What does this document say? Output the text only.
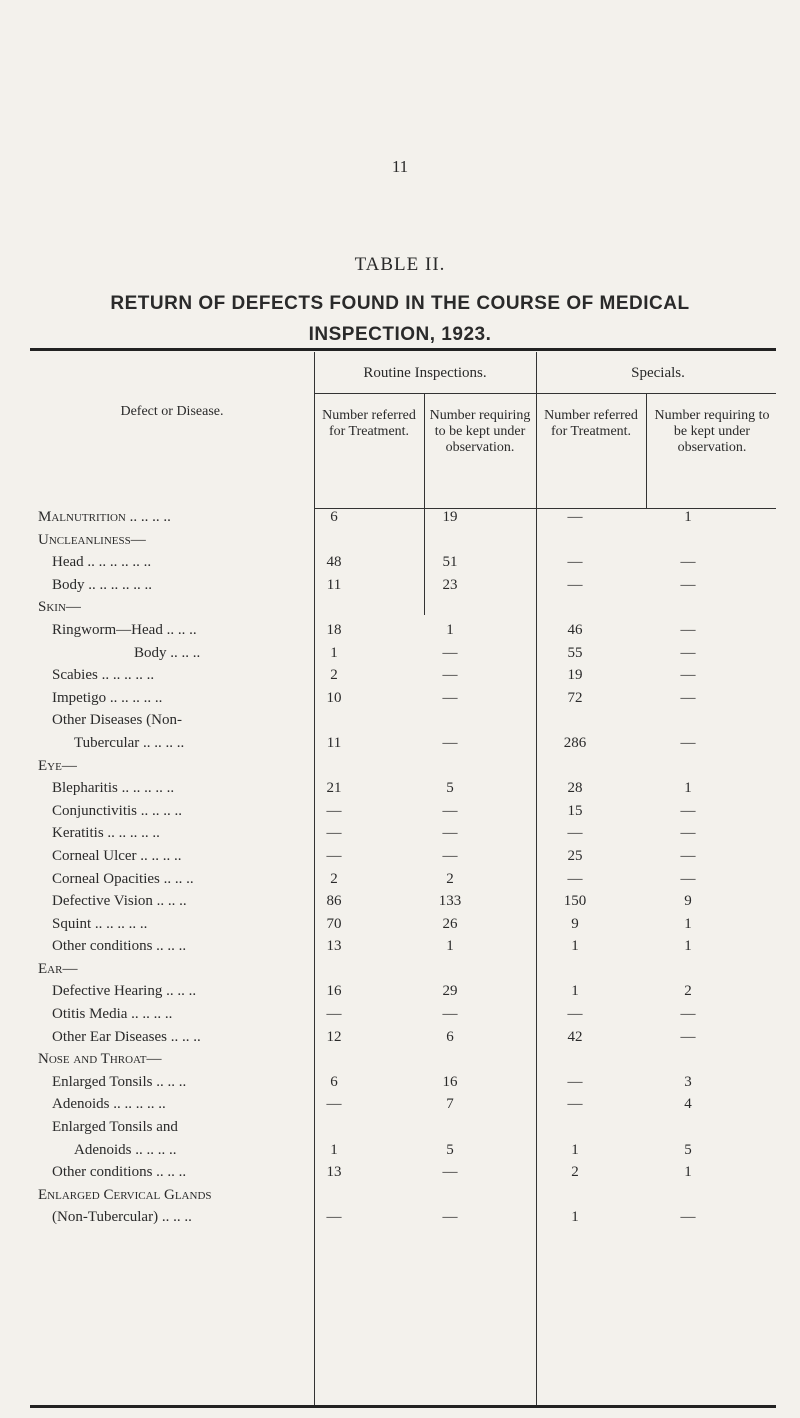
11
TABLE II.
RETURN OF DEFECTS FOUND IN THE COURSE OF MEDICAL
INSPECTION, 1923.
Defect or Disease.
Routine Inspections.	Specials.
Number referred for Treatment.
Number requiring to be kept under observation.
Number referred for Treatment.
Number requiring to be kept under observation.
Malnutrition .. .. .. ..	6	19	—	1
Uncleanliness—
Head .. .. .. .. .. ..	48	51	—	—
Body .. .. .. .. .. ..	11	23	—	—
Skin—
Ringworm—Head .. .. ..	18	1	46	—
Body .. .. ..	1	—	55	—
Scabies .. .. .. .. ..	2	—	19	—
Impetigo .. .. .. .. ..	10	—	72	—
Other Diseases (Non-
Tubercular .. .. .. ..	11	—	286	—
Eye—
Blepharitis .. .. .. .. ..	21	5	28	1
Conjunctivitis .. .. .. ..	—	—	15	—
Keratitis .. .. .. .. ..	—	—	—	—
Corneal Ulcer .. .. .. ..	—	—	25	—
Corneal Opacities .. .. ..	2	2	—	—
Defective Vision .. .. ..	86	133	150	9
Squint .. .. .. .. ..	70	26	9	1
Other conditions .. .. ..	13	1	1	1
Ear—
Defective Hearing .. .. ..	16	29	1	2
Otitis Media .. .. .. ..	—	—	—	—
Other Ear Diseases .. .. ..	12	6	42	—
Nose and Throat—
Enlarged Tonsils .. .. ..	6	16	—	3
Adenoids .. .. .. .. ..	—	7	—	4
Enlarged Tonsils and
Adenoids .. .. .. ..	1	5	1	5
Other conditions .. .. ..	13	—	2	1
Enlarged Cervical Glands
(Non-Tubercular) .. .. ..	—	—	1	—
